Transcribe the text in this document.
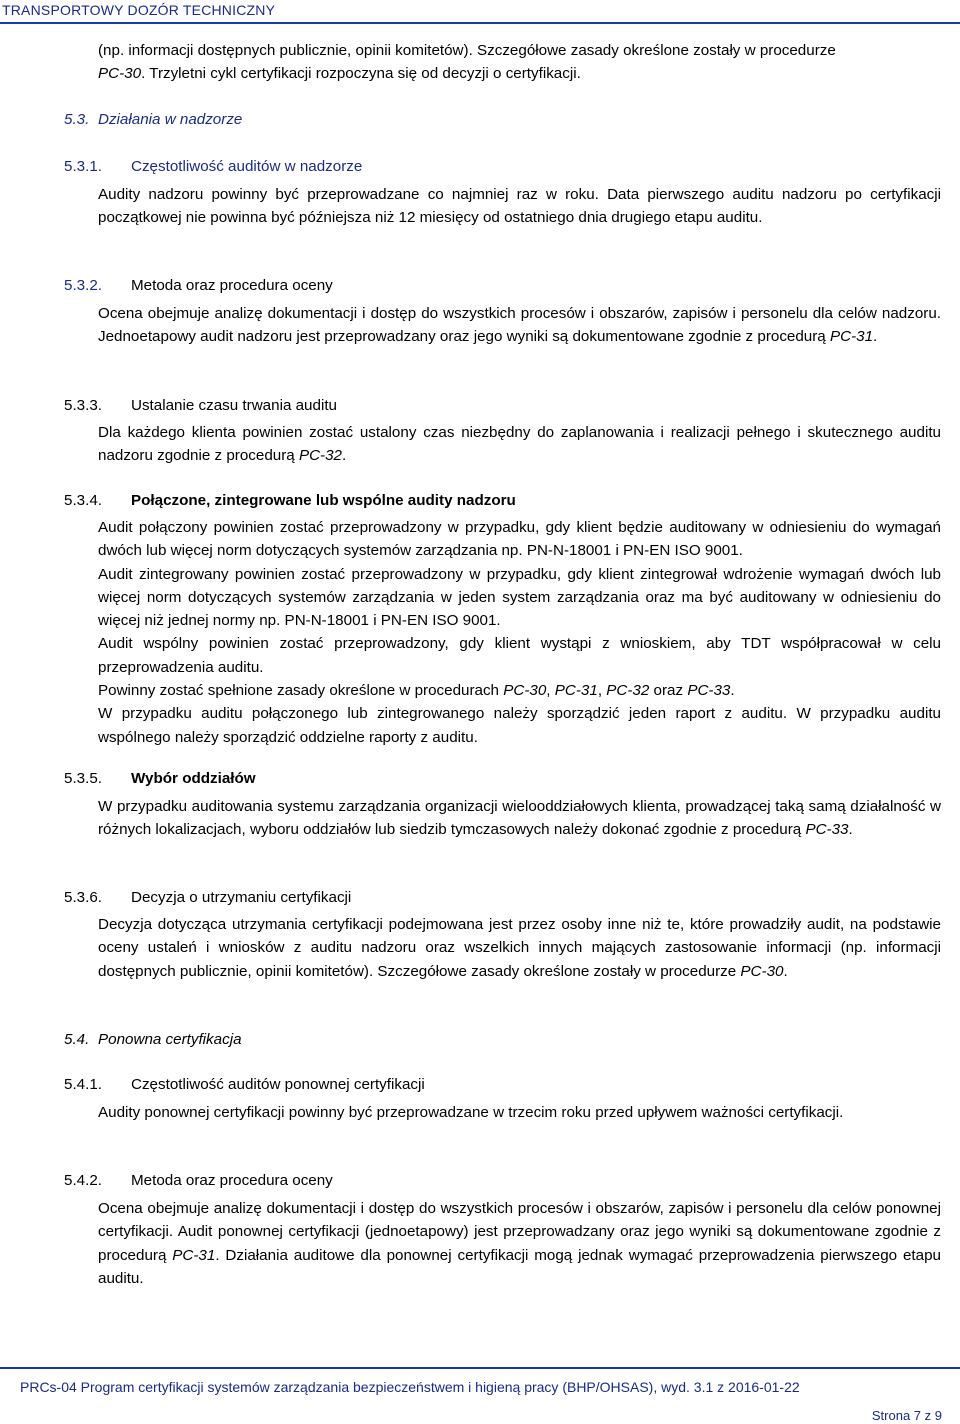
TRANSPORTOWY DOZÓR TECHNICZNY

(np. informacji dostępnych publicznie, opinii komitetów). Szczegółowe zasady określone zostały w procedurze
PC-30. Trzyletni cykl certyfikacji rozpoczyna się od decyzji o certyfikacji.

5.3. Działania w nadzorze
5.3.1. Częstotliwość auditów w nadzorze

Audity nadzoru powinny być przeprowadzane co najmniej raz w roku. Data pierwszego auditu nadzoru po certyfikacji początkowej nie powinna być późniejsza niż 12 miesięcy od ostatniego dnia drugiego etapu auditu.

5.3.2. Metoda oraz procedura oceny

Ocena obejmuje analizę dokumentacji i dostęp do wszystkich procesów i obszarów, zapisów i personelu dla celów nadzoru. Jednoetapowy audit nadzoru jest przeprowadzany oraz jego wyniki są dokumentowane zgodnie z procedurą PC-31.

5.3.3. Ustalanie czasu trwania auditu

Dla każdego klienta powinien zostać ustalony czas niezbędny do zaplanowania i realizacji pełnego i skutecznego auditu nadzoru zgodnie z procedurą PC-32.

5.3.4. Połączone, zintegrowane lub wspólne audity nadzoru
Audit połączony powinien zostać przeprowadzony w przypadku, gdy klient będzie auditowany w odniesieniu do wymagań dwóch lub więcej norm dotyczących systemów zarządzania np. PN-N-18001 i PN-EN ISO 9001.
Audit zintegrowany powinien zostać przeprowadzony w przypadku, gdy klient zintegrował wdrożenie wymagań dwóch lub więcej norm dotyczących systemów zarządzania w jeden system zarządzania oraz ma być auditowany w odniesieniu do więcej niż jednej normy np. PN-N-18001 i PN-EN ISO 9001.
Audit wspólny powinien zostać przeprowadzony, gdy klient wystąpi z wnioskiem, aby TDT współpracował w celu przeprowadzenia auditu.
Powinny zostać spełnione zasady określone w procedurach PC-30, PC-31, PC-32 oraz PC-33.
W przypadku auditu połączonego lub zintegrowanego należy sporządzić jeden raport z auditu. W przypadku auditu wspólnego należy sporządzić oddzielne raporty z auditu.
5.3.5. Wybór oddziałów

W przypadku auditowania systemu zarządzania organizacji wielooddziałowych klienta, prowadzącej taką samą działalność w różnych lokalizacjach, wyboru oddziałów lub siedzib tymczasowych należy dokonać zgodnie z procedurą PC-33.

5.3.6. Decyzja o utrzymaniu certyfikacji

Decyzja dotycząca utrzymania certyfikacji podejmowana jest przez osoby inne niż te, które prowadziły audit, na podstawie oceny ustaleń i wniosków z auditu nadzoru oraz wszelkich innych mających zastosowanie informacji (np. informacji dostępnych publicznie, opinii komitetów). Szczegółowe zasady określone zostały w procedurze PC-30.

5.4. Ponowna certyfikacja
5.4.1. Częstotliwość auditów ponownej certyfikacji

Audity ponownej certyfikacji powinny być przeprowadzane w trzecim roku przed upływem ważności certyfikacji.

5.4.2. Metoda oraz procedura oceny

Ocena obejmuje analizę dokumentacji i dostęp do wszystkich procesów i obszarów, zapisów i personelu dla celów ponownej certyfikacji. Audit ponownej certyfikacji (jednoetapowy) jest przeprowadzany oraz jego wyniki są dokumentowane zgodnie z procedurą PC-31. Działania auditowe dla ponownej certyfikacji mogą jednak wymagać przeprowadzenia pierwszego etapu auditu.

PRCs-04 Program certyfikacji systemów zarządzania bezpieczeństwem i higieną pracy (BHP/OHSAS), wyd. 3.1 z 2016-01-22
Strona 7 z 9
